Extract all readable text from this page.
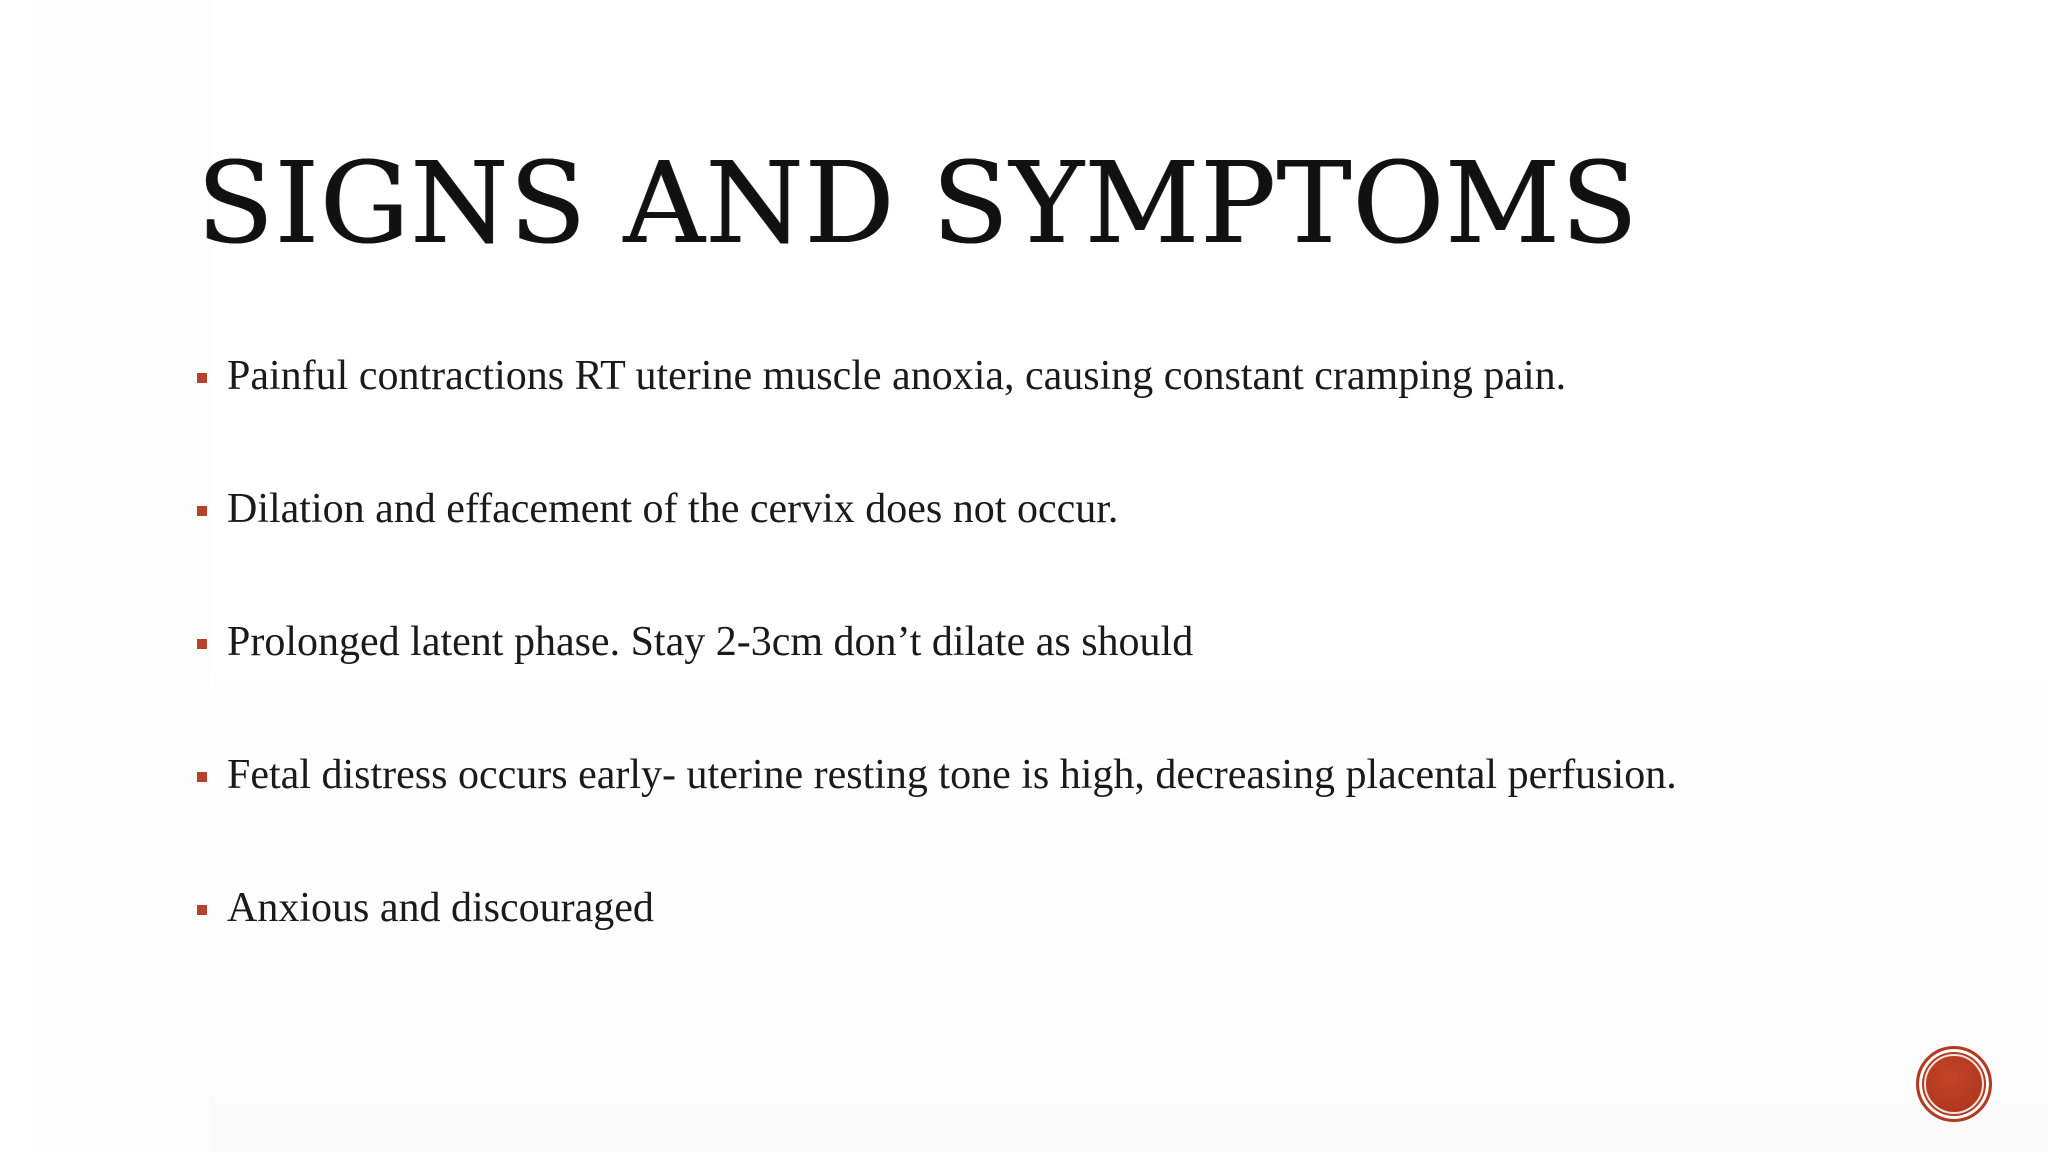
SIGNS AND SYMPTOMS
Painful contractions RT uterine muscle anoxia, causing constant cramping pain.
Dilation and effacement of the cervix does not occur.
Prolonged latent phase. Stay 2-3cm don’t dilate as should
Fetal distress occurs early- uterine resting tone is high, decreasing placental perfusion.
Anxious and discouraged
